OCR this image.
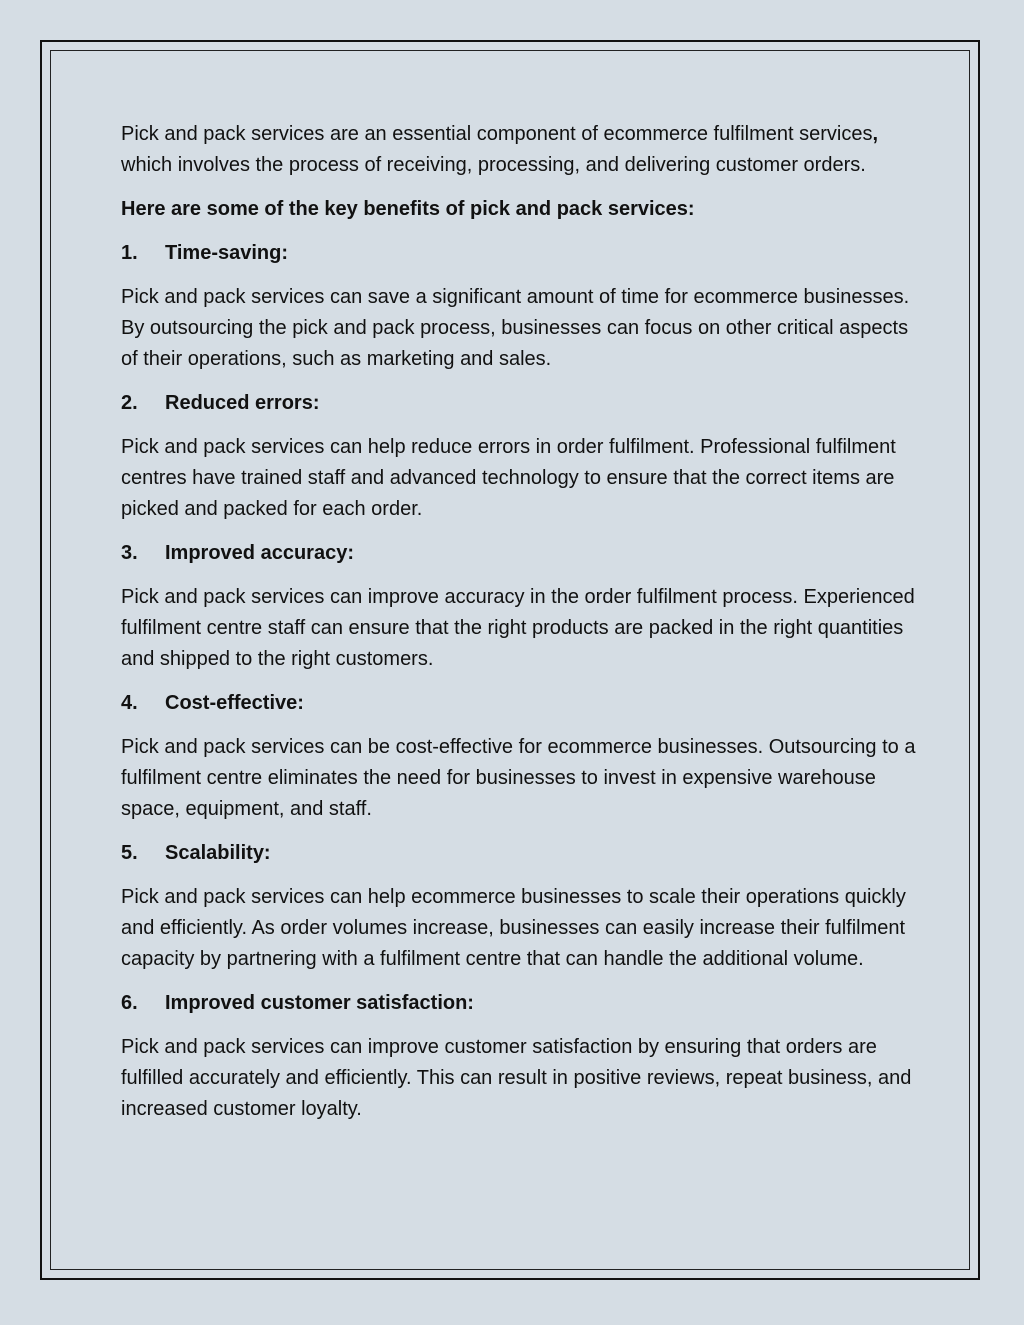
Pick and pack services are an essential component of ecommerce fulfilment services, which involves the process of receiving, processing, and delivering customer orders.

Here are some of the key benefits of pick and pack services:

1.	Time-saving:

Pick and pack services can save a significant amount of time for ecommerce businesses. By outsourcing the pick and pack process, businesses can focus on other critical aspects of their operations, such as marketing and sales.

2.	Reduced errors:

Pick and pack services can help reduce errors in order fulfilment. Professional fulfilment centres have trained staff and advanced technology to ensure that the correct items are picked and packed for each order.

3.	Improved accuracy:

Pick and pack services can improve accuracy in the order fulfilment process. Experienced fulfilment centre staff can ensure that the right products are packed in the right quantities and shipped to the right customers.

4.	Cost-effective:

Pick and pack services can be cost-effective for ecommerce businesses. Outsourcing to a fulfilment centre eliminates the need for businesses to invest in expensive warehouse space, equipment, and staff.

5.	Scalability:

Pick and pack services can help ecommerce businesses to scale their operations quickly and efficiently. As order volumes increase, businesses can easily increase their fulfilment capacity by partnering with a fulfilment centre that can handle the additional volume.

6.	Improved customer satisfaction:

Pick and pack services can improve customer satisfaction by ensuring that orders are fulfilled accurately and efficiently. This can result in positive reviews, repeat business, and increased customer loyalty.
